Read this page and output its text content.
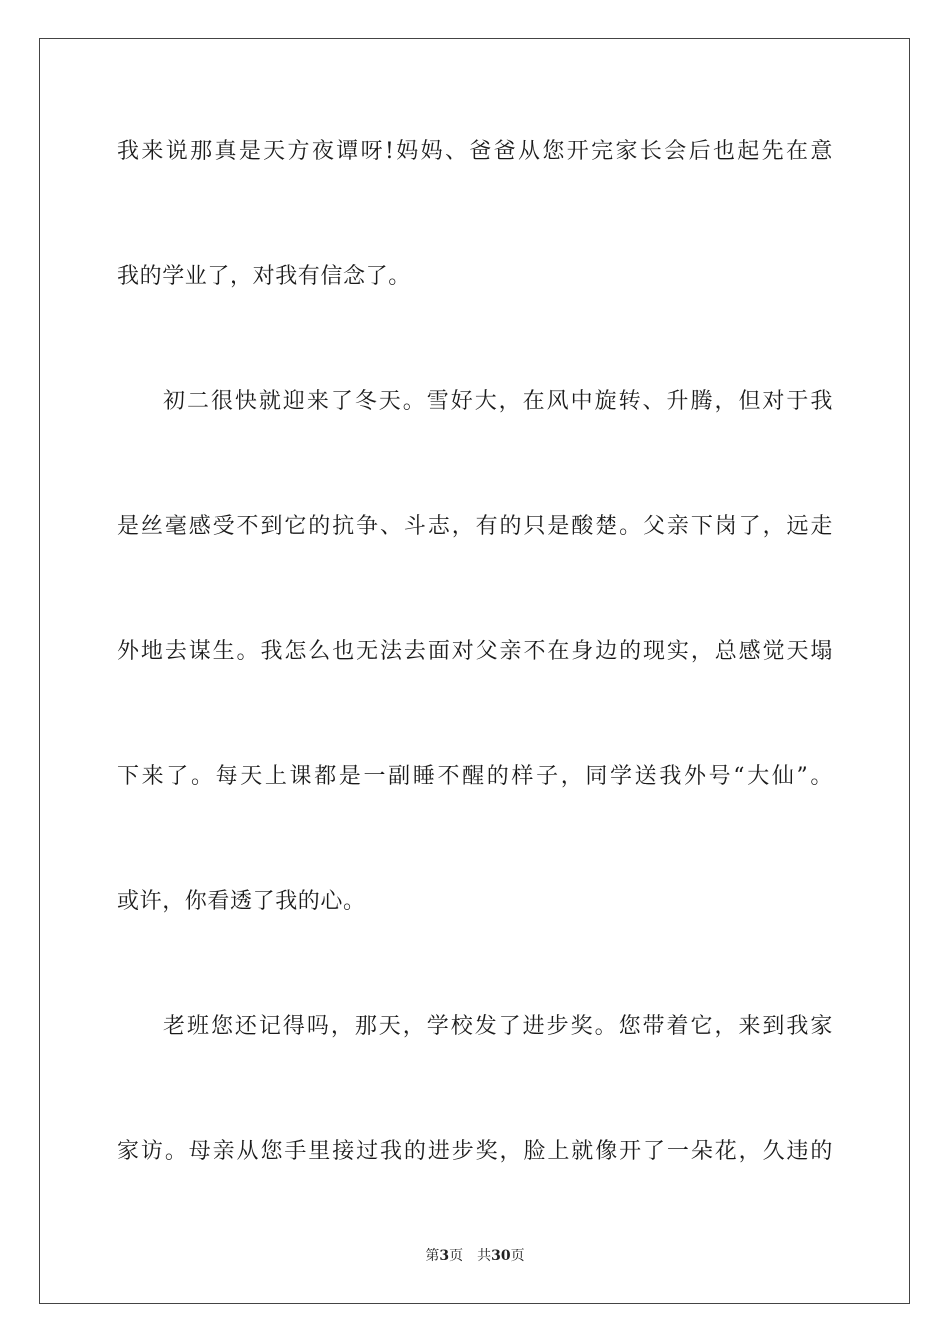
我来说那真是天方夜谭呀!妈妈、爸爸从您开完家长会后也起先在意
我的学业了，对我有信念了。
初二很快就迎来了冬天。雪好大，在风中旋转、升腾，但对于我
是丝毫感受不到它的抗争、斗志，有的只是酸楚。父亲下岗了，远走
外地去谋生。我怎么也无法去面对父亲不在身边的现实，总感觉天塌
下来了。每天上课都是一副睡不醒的样子，同学送我外号“大仙”。
或许，你看透了我的心。
老班您还记得吗，那天，学校发了进步奖。您带着它，来到我家
家访。母亲从您手里接过我的进步奖，脸上就像开了一朵花，久违的
第3页 共30页
